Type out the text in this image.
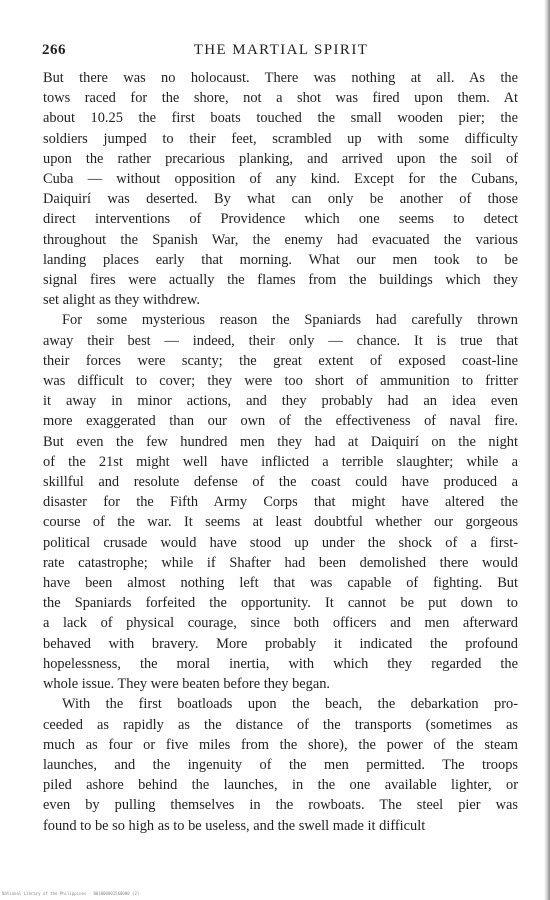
266	THE MARTIAL SPIRIT
But there was no holocaust. There was nothing at all. As the
tows raced for the shore, not a shot was fired upon them. At
about 10.25 the first boats touched the small wooden pier; the
soldiers jumped to their feet, scrambled up with some difficulty
upon the rather precarious planking, and arrived upon the soil of
Cuba — without opposition of any kind. Except for the Cubans,
Daiquirí was deserted. By what can only be another of those
direct interventions of Providence which one seems to detect
throughout the Spanish War, the enemy had evacuated the various
landing places early that morning. What our men took to be
signal fires were actually the flames from the buildings which they
set alight as they withdrew.
For some mysterious reason the Spaniards had carefully thrown
away their best — indeed, their only — chance. It is true that
their forces were scanty; the great extent of exposed coast-line
was difficult to cover; they were too short of ammunition to fritter
it away in minor actions, and they probably had an idea even
more exaggerated than our own of the effectiveness of naval fire.
But even the few hundred men they had at Daiquirí on the night
of the 21st might well have inflicted a terrible slaughter; while a
skillful and resolute defense of the coast could have produced a
disaster for the Fifth Army Corps that might have altered the
course of the war. It seems at least doubtful whether our gorgeous
political crusade would have stood up under the shock of a first-
rate catastrophe; while if Shafter had been demolished there would
have been almost nothing left that was capable of fighting. But
the Spaniards forfeited the opportunity. It cannot be put down to
a lack of physical courage, since both officers and men afterward
behaved with bravery. More probably it indicated the profound
hopelessness, the moral inertia, with which they regarded the
whole issue. They were beaten before they began.
With the first boatloads upon the beach, the debarkation pro-
ceeded as rapidly as the distance of the transports (sometimes as
much as four or five miles from the shore), the power of the steam
launches, and the ingenuity of the men permitted. The troops
piled ashore behind the launches, in the one available lighter, or
even by pulling themselves in the rowboats. The steel pier was
found to be so high as to be useless, and the swell made it difficult
National Library of the Philippines · B01000001560000 (2)
